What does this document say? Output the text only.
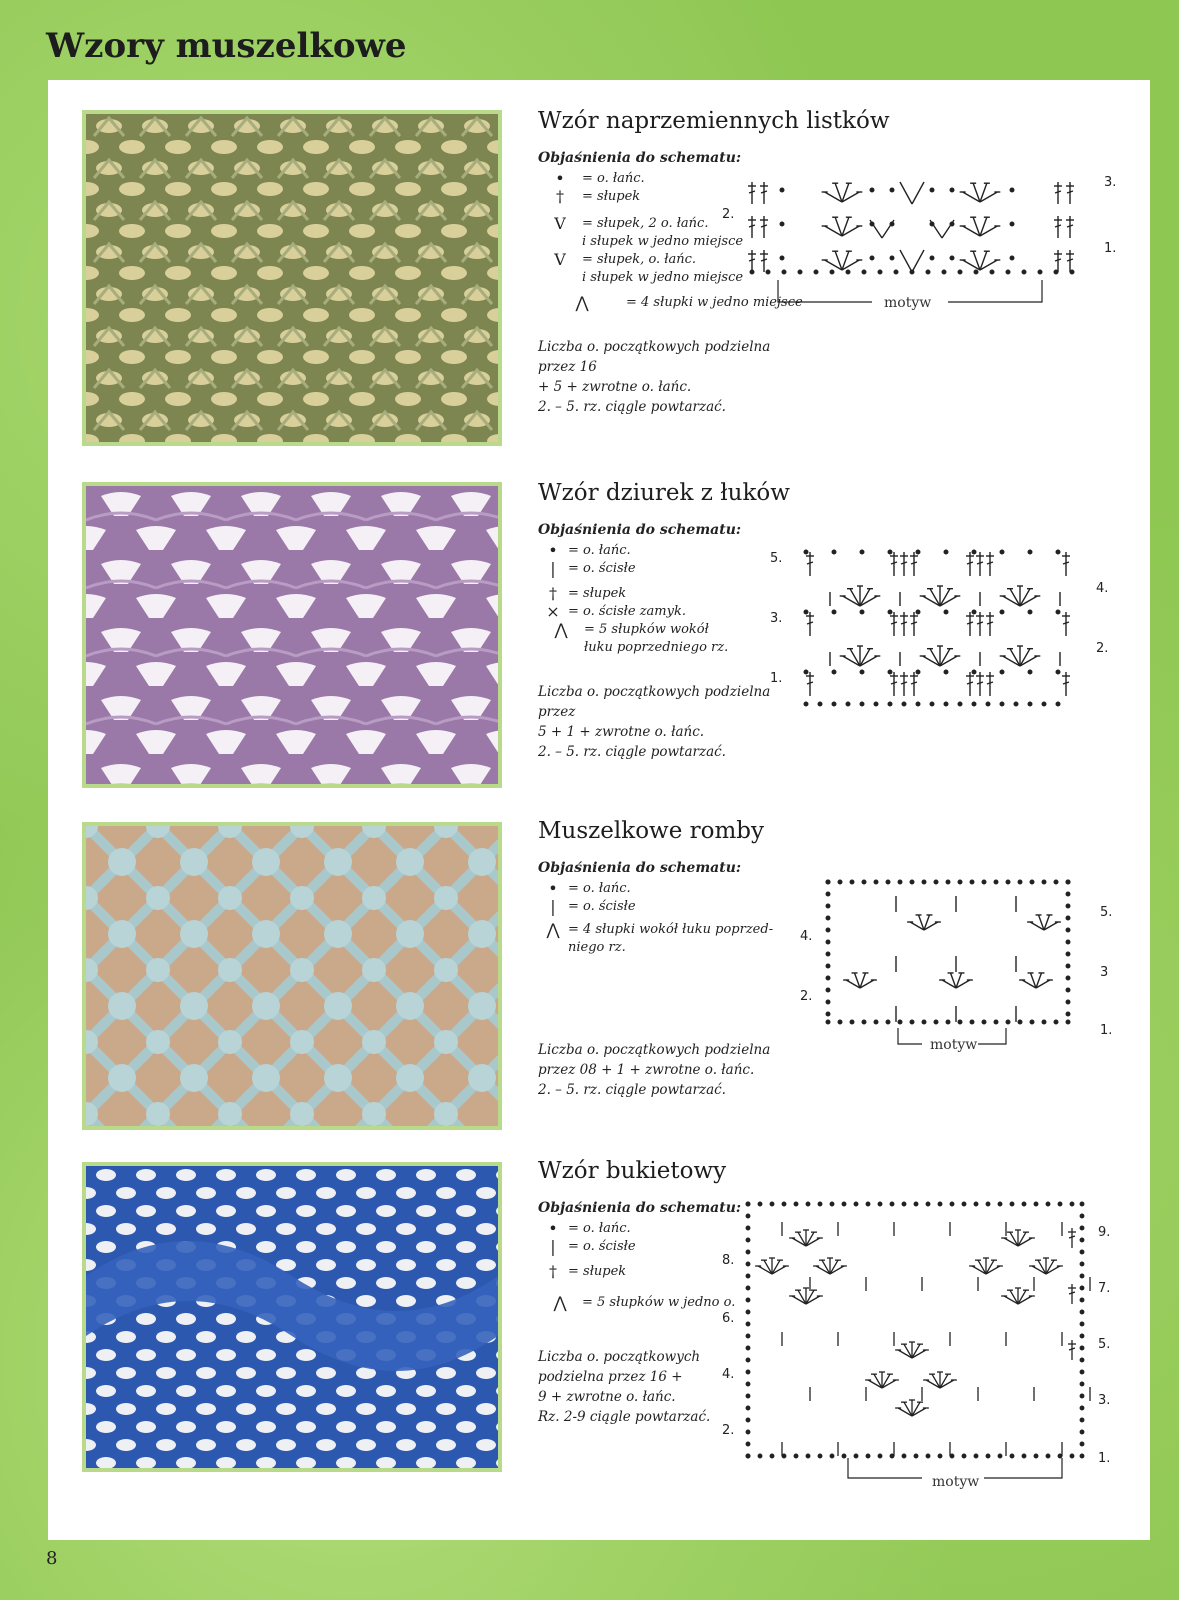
Wzory muszelkowe
Wzór naprzemiennych listków

Objaśnienia do schematu:

•	= o. łańc.
†	= słupek
V	= słupek, 2 o. łańc.
i słupek w jedno miejsce
V	= słupek, o. łańc.
i słupek w jedno miejsce
⋀	= 4 słupki w jedno miejsce

Liczba o. początkowych podzielna przez 16
+ 5 + zwrotne o. łańc.
2. – 5. rz. ciągle powtarzać.

2.
3.
1.
motyw
Wzór dziurek z łuków

Objaśnienia do schematu:

• = o. łańc.
| = o. ścisłe
† = słupek
× = o. ścisłe zamyk.
⋀	= 5 słupków wokół
łuku poprzedniego rz.

Liczba o. początkowych podzielna przez
5 + 1 + zwrotne o. łańc.
2. – 5. rz. ciągle powtarzać.

5.
3.
1.
4.
2.
Muszelkowe romby

Objaśnienia do schematu:

• = o. łańc.
| = o. ścisłe
⋀ = 4 słupki wokół łuku poprzed-
niego rz.

Liczba o. początkowych podzielna
przez 08 + 1 + zwrotne o. łańc.
2. – 5. rz. ciągle powtarzać.

4.
2.
5.
3
1.
motyw
Wzór bukietowy

Objaśnienia do schematu:

• = o. łańc.
| = o. ścisłe
† = słupek
⋀	= 5 słupków w jedno o.

Liczba o. początkowych
podzielna przez 16 +
9 + zwrotne o. łańc.
Rz. 2-9 ciągle powtarzać.

8.
6.
4.
2.
9.
7.
5.
3.
1.
motyw
8
